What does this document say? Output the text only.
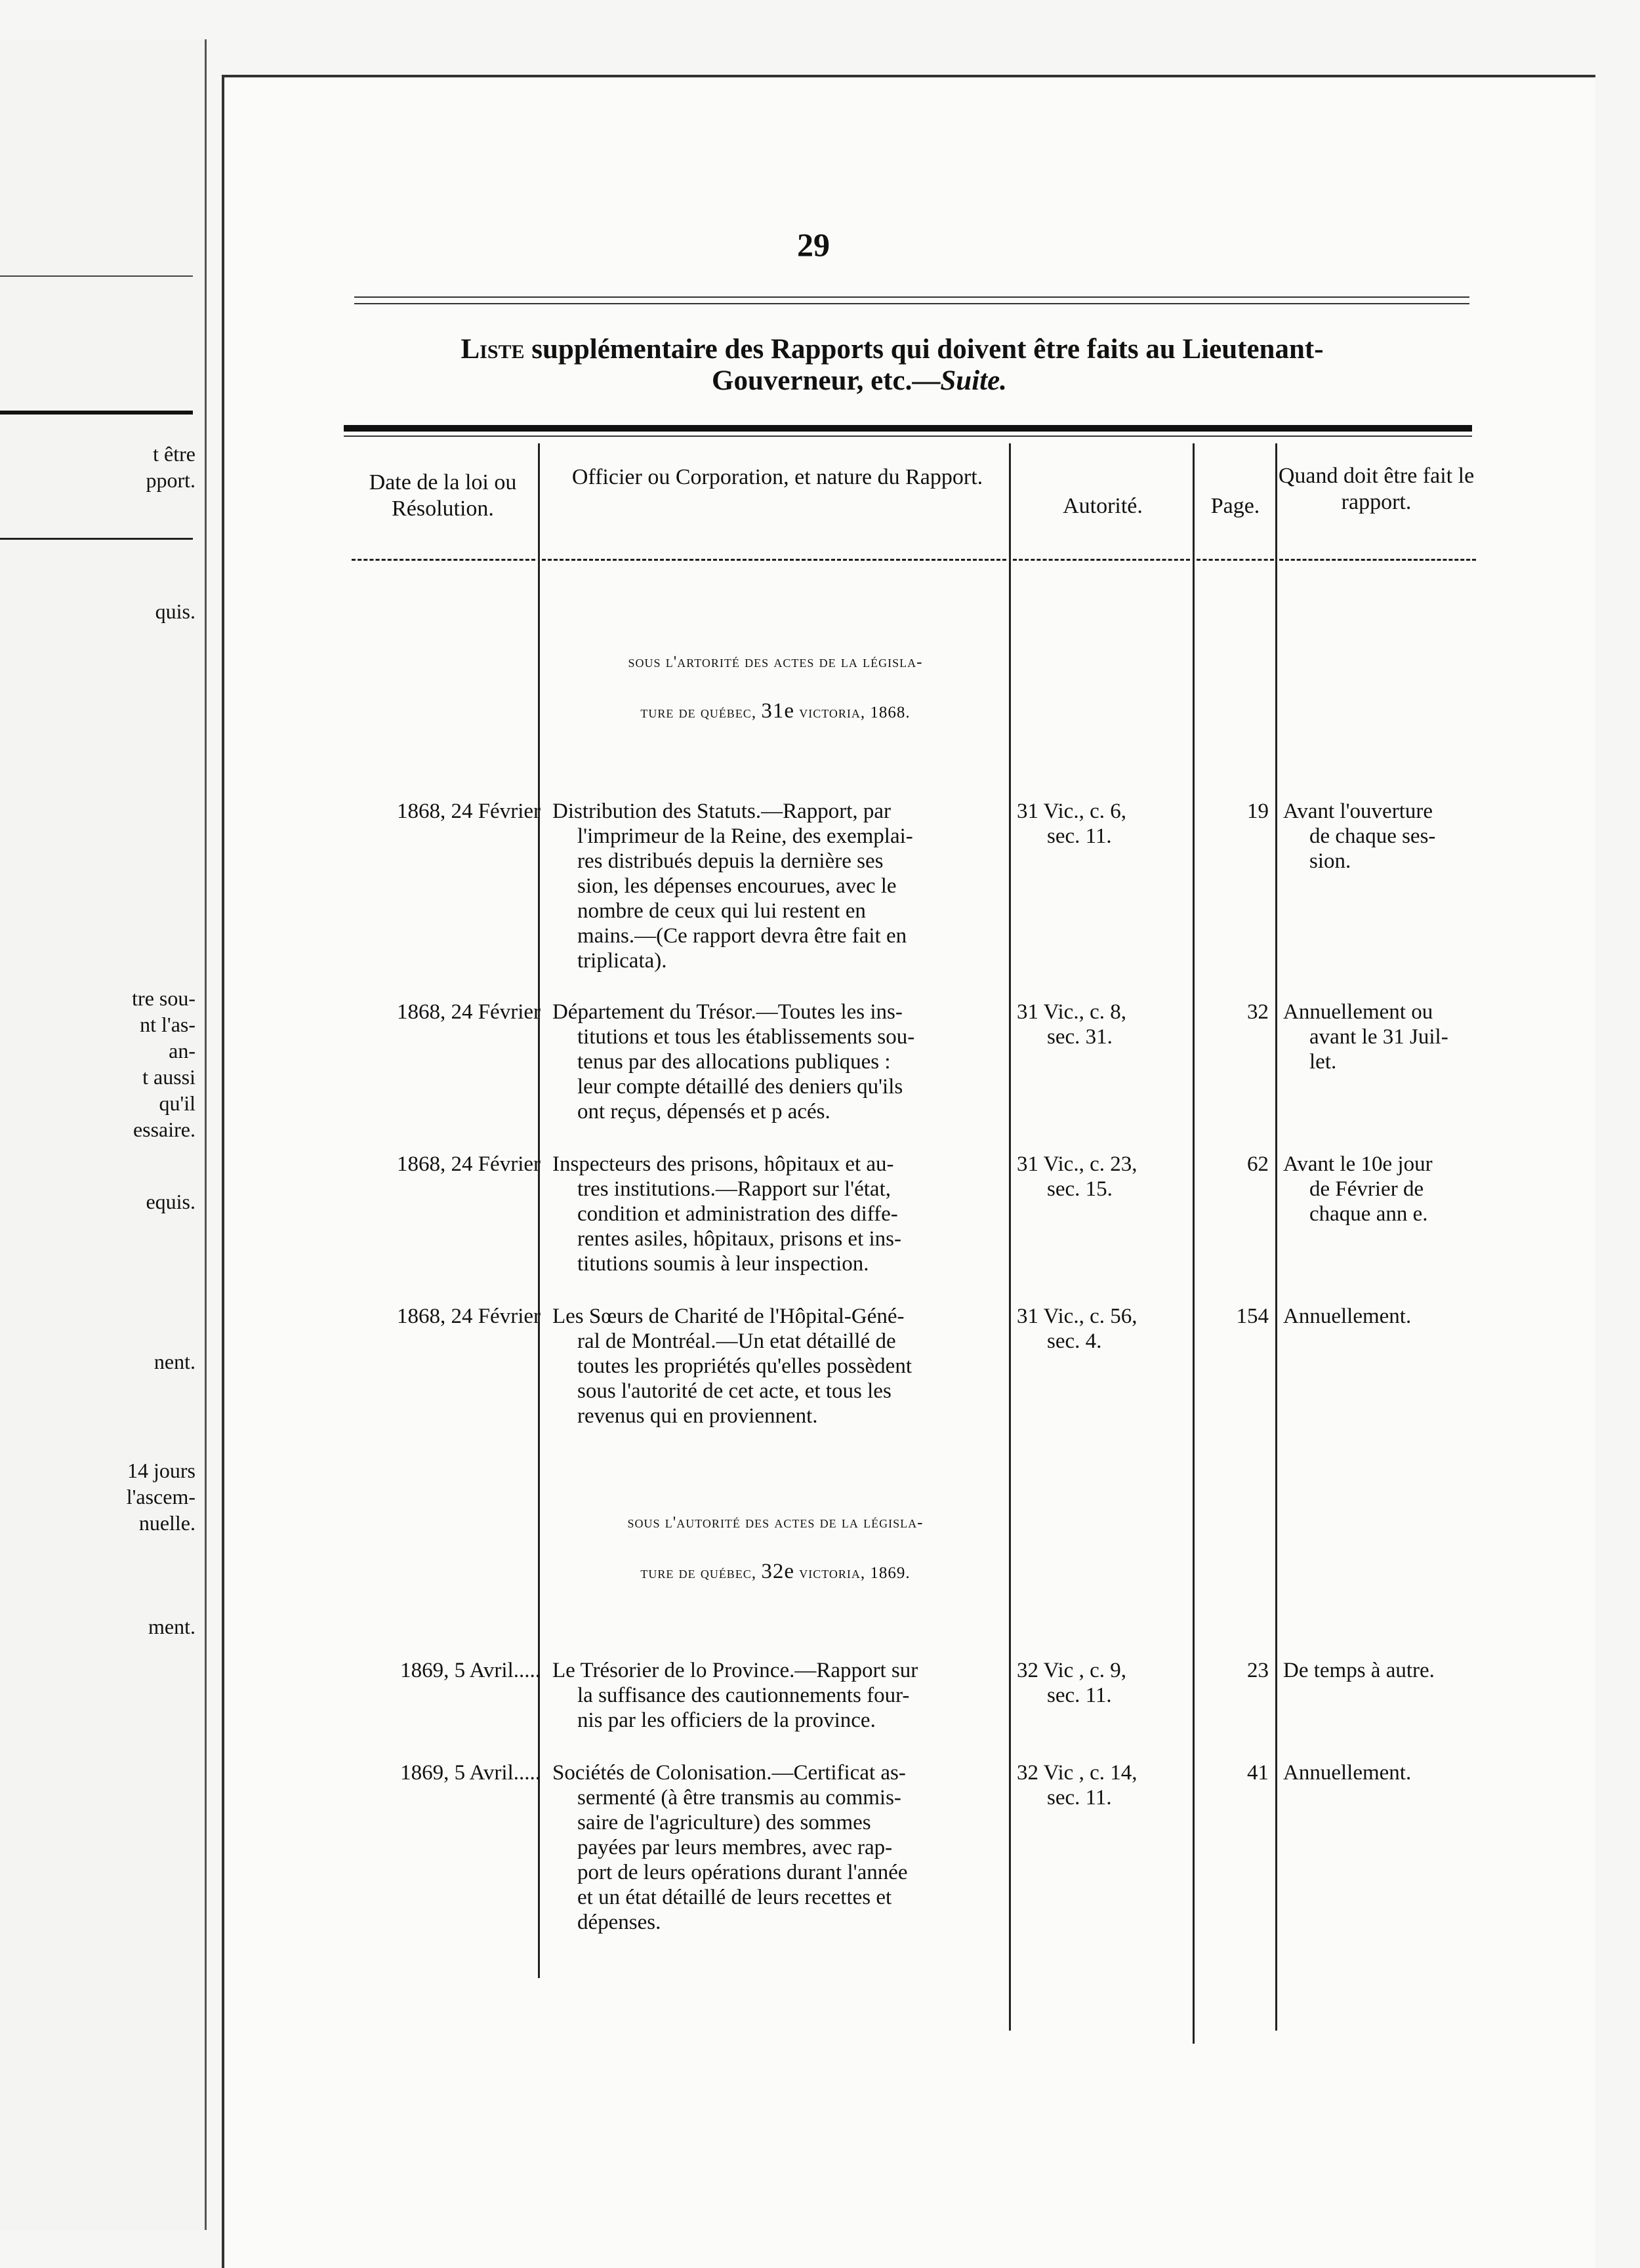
t être
pport.
quis.
tre sou-
nt l'as-
an-
t aussi
qu'il
essaire.
equis.
nent.
14 jours
l'ascem-
nuelle.
ment.
29
Liste supplémentaire des Rapports qui doivent être faits au Lieutenant-
Gouverneur, etc.—Suite.
Date de la loi ou Résolution.
Officier ou Corporation, et nature du Rapport.
Autorité.	Page.
Quand doit être fait le rapport.
sous l'artorité des actes de la législa-
ture de québec, 31e victoria, 1868.
1868, 24 Février Distribution des Statuts.—Rapport, par
l'imprimeur de la Reine, des exemplai-
res distribués depuis la dernière ses
sion, les dépenses encourues, avec le
nombre de ceux qui lui restent en
mains.—(Ce rapport devra être fait en
triplicata).
31 Vic., c. 6,
sec. 11.
19 Avant l'ouverture
de chaque ses-
sion.
1868, 24 Février Département du Trésor.—Toutes les ins-
titutions et tous les établissements sou-
tenus par des allocations publiques :
leur compte détaillé des deniers qu'ils
ont reçus, dépensés et p acés.
31 Vic., c. 8,
sec. 31.
32 Annuellement ou
avant le 31 Juil-
let.
1868, 24 Février Inspecteurs des prisons, hôpitaux et au-
tres institutions.—Rapport sur l'état,
condition et administration des diffe-
rentes asiles, hôpitaux, prisons et ins-
titutions soumis à leur inspection.
31 Vic., c. 23,
sec. 15.
62 Avant le 10e jour
de Février de
chaque ann e.
1868, 24 Février Les Sœurs de Charité de l'Hôpital-Géné-
ral de Montréal.—Un etat détaillé de
toutes les propriétés qu'elles possèdent
sous l'autorité de cet acte, et tous les
revenus qui en proviennent.
31 Vic., c. 56,
sec. 4.
154 Annuellement.
sous l'autorité des actes de la législa-
ture de québec, 32e victoria, 1869.
1869, 5 Avril..... Le Trésorier de lo Province.—Rapport sur
la suffisance des cautionnements four-
nis par les officiers de la province.
32 Vic , c. 9,
sec. 11.
23 De temps à autre.
1869, 5 Avril..... Sociétés de Colonisation.—Certificat as-
sermenté (à être transmis au commis-
saire de l'agriculture) des sommes
payées par leurs membres, avec rap-
port de leurs opérations durant l'année
et un état détaillé de leurs recettes et
dépenses.
32 Vic , c. 14,
sec. 11.
41 Annuellement.
